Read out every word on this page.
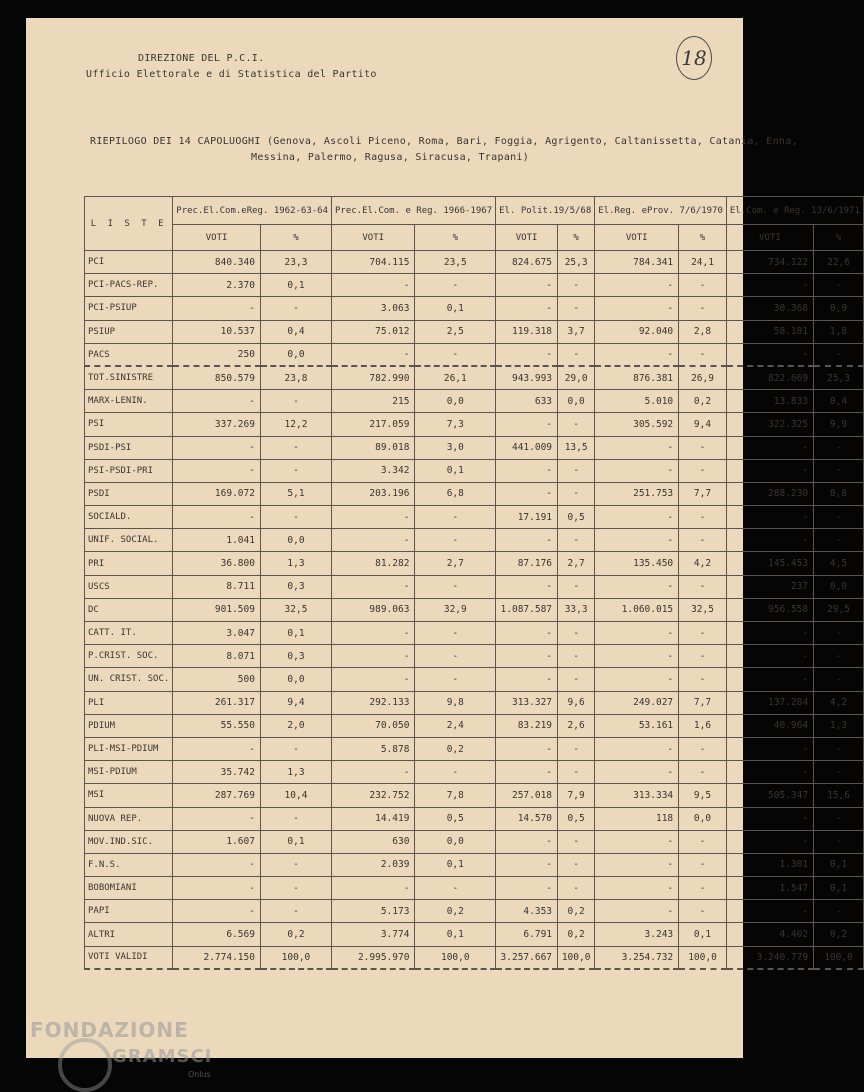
DIREZIONE DEL P.C.I.
Ufficio Elettorale e di Statistica del Partito
18
RIEPILOGO DEI 14 CAPOLUOGHI (Genova, Ascoli Piceno, Roma, Bari, Foggia, Agrigento, Caltanissetta, Catania, Enna,
Messina, Palermo, Ragusa, Siracusa, Trapani)
L I S T E	Prec.El.Com.eReg. 1962-63-64		Prec.El.Com. e Reg. 1966-1967		El. Polit.19/5/68		El.Reg. eProv. 7/6/1970		El.Com. e Reg. 13/6/1971	
	VOTI	%	VOTI	%	VOTI	%	VOTI	%	VOTI	%
PCI	840.340	23,3	704.115	23,5	824.675	25,3	784.341	24,1	734.122	22,6
PCI-PACS-REP.	2.370	0,1	-	-	-	-	-	-	-	-
PCI-PSIUP	-	-	3.063	0,1	-	-	-	-	30.368	0,9
PSIUP	10.537	0,4	75.012	2,5	119.318	3,7	92.040	2,8	58.181	1,8
PACS	250	0,0	-	-	-	-	-	-	-	-
TOT.SINISTRE	850.579	23,8	782.990	26,1	943.993	29,0	876.381	26,9	822.669	25,3
MARX-LENIN.	-	-	215	0,0	633	0,0	5.010	0,2	13.833	0,4
PSI	337.269	12,2	217.059	7,3	-	-	305.592	9,4	322.325	9,9
PSDI-PSI	-	-	89.018	3,0	441.009	13,5	-	-	-	-
PSI-PSDI-PRI	-	-	3.342	0,1	-	-	-	-	-	-
PSDI	169.072	5,1	203.196	6,8	-	-	251.753	7,7	288.230	8,8
SOCIALD.	-	-	-	-	17.191	0,5	-	-	-	-
UNIF. SOCIAL.	1.041	0,0	-	-	-	-	-	-	-	-
PRI	36.800	1,3	81.282	2,7	87.176	2,7	135.450	4,2	145.453	4,5
USCS	8.711	0,3	-	-	-	-	-	-	237	0,0
DC	901.509	32,5	989.063	32,9	1.087.587	33,3	1.060.015	32,5	956.558	29,5
CATT. IT.	3.047	0,1	-	-	-	-	-	-	-	-
P.CRIST. SOC.	8.071	0,3	-	-	-	-	-	-	-	-
UN. CRIST. SOC.	500	0,0	-	-	-	-	-	-	-	-
PLI	261.317	9,4	292.133	9,8	313.327	9,6	249.027	7,7	137.284	4,2
PDIUM	55.550	2,0	70.050	2,4	83.219	2,6	53.161	1,6	40.964	1,3
PLI-MSI-PDIUM	-	-	5.878	0,2	-	-	-	-	-	-
MSI-PDIUM	35.742	1,3	-	-	-	-	-	-	-	-
MSI	287.769	10,4	232.752	7,8	257.018	7,9	313.334	9,5	505.347	15,6
NUOVA REP.	-	-	14.419	0,5	14.570	0,5	118	0,0	-	-
MOV.IND.SIC.	1.607	0,1	630	0,0	-	-	-	-	-	-
F.N.S.	-	-	2.039	0,1	-	-	-	-	1.301	0,1
BOBOMIANI	-	-	-	-	-	-	-	-	1.547	0,1
PAPI	-	-	5.173	0,2	4.353	0,2	-	-	-	-
ALTRI	6.569	0,2	3.774	0,1	6.791	0,2	3.243	0,1	4.402	0,2
VOTI VALIDI	2.774.150	100,0	2.995.970	100,0	3.257.667	100,0	3.254.732	100,0	3.240.779	100,0
FONDAZIONE
GRAMSCI
Onlus
